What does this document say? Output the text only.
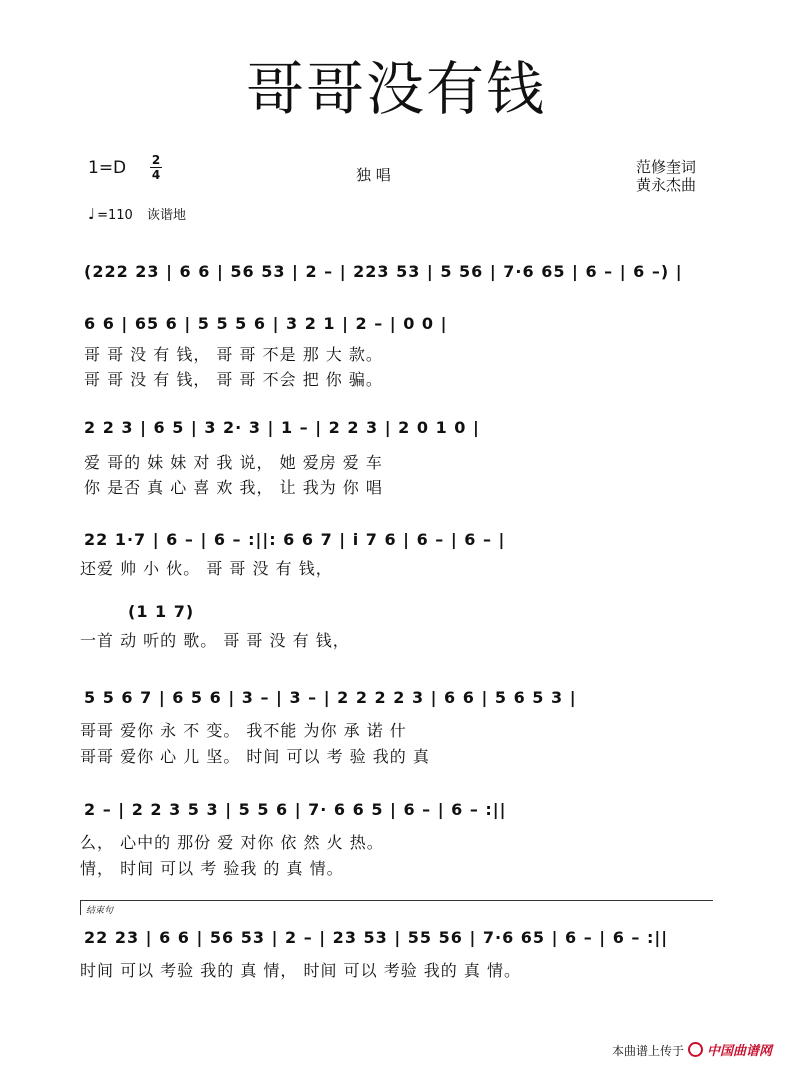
哥哥没有钱
1=D 2
4	独 唱	范修奎词
黄永杰曲
♩ =110 诙谐地
(222 23 | 6 6 | 56 53 | 2 – | 223 53 | 5 56 | 7·6 65 | 6 – | 6 –) |
6 6 | 65 6 | 5 5 5 6 | 3 2 1 | 2 – | 0 0 |
哥 哥 没 有 钱， 哥 哥 不是 那 大 款。
哥 哥 没 有 钱， 哥 哥 不会 把 你 骗。
2 2 3 | 6 5 | 3 2· 3 | 1 – | 2 2 3 | 2 0 1 0 |
爱 哥的 妹 妹 对 我 说， 她 爱房 爱 车
你 是否 真 心 喜 欢 我， 让 我为 你 唱
22 1·7 | 6 – | 6 – :||: 6 6 7 | i 7 6 | 6 – | 6 – |
还爱 帅 小 伙。 哥 哥 没 有 钱，
(1 1 7)
一首 动 听的 歌。 哥 哥 没 有 钱，
5 5 6 7 | 6 5 6 | 3 – | 3 – | 2 2 2 2 3 | 6 6 | 5 6 5 3 |
哥哥 爱你 永 不 变。 我不能 为你 承 诺 什
哥哥 爱你 心 儿 坚。 时间 可以 考 验 我的 真
2 – | 2 2 3 5 3 | 5 5 6 | 7· 6 6 5 | 6 – | 6 – :||
么， 心中的 那份 爱 对你 依 然 火 热。
情， 时间 可以 考 验我 的 真 情。
结束句
22 23 | 6 6 | 56 53 | 2 – | 23 53 | 55 56 | 7·6 65 | 6 – | 6 – :||
时间 可以 考验 我的 真 情， 时间 可以 考验 我的 真 情。
本曲谱上传于 中国曲谱网
